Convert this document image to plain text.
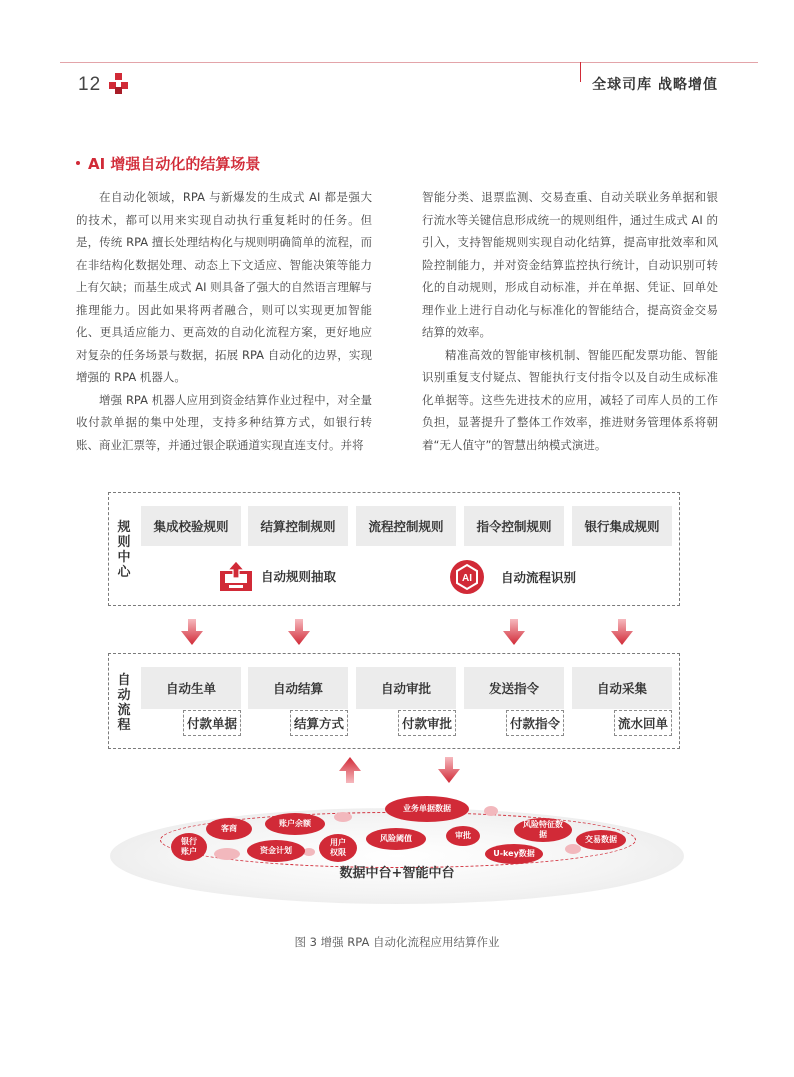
12	全球司库 战略增值
AI 增强自动化的结算场景

在自动化领域，RPA 与新爆发的生成式 AI 都是强大的技术，都可以用来实现自动执行重复耗时的任务。但是，传统 RPA 擅长处理结构化与规则明确简单的流程，而在非结构化数据处理、动态上下文适应、智能决策等能力上有欠缺；而基生成式 AI 则具备了强大的自然语言理解与推理能力。因此如果将两者融合，则可以实现更加智能化、更具适应能力、更高效的自动化流程方案，更好地应对复杂的任务场景与数据，拓展 RPA 自动化的边界，实现增强的 RPA 机器人。

增强 RPA 机器人应用到资金结算作业过程中，对全量收付款单据的集中处理，支持多种结算方式，如银行转账、商业汇票等，并通过银企联通道实现直连支付。并将

智能分类、退票监测、交易查重、自动关联业务单据和银行流水等关键信息形成统一的规则组件，通过生成式 AI 的引入，支持智能规则实现自动化结算，提高审批效率和风险控制能力，并对资金结算监控执行统计，自动识别可转化的自动规则，形成自动标准，并在单据、凭证、回单处理作业上进行自动化与标准化的智能结合，提高资金交易结算的效率。

精准高效的智能审核机制、智能匹配发票功能、智能识别重复支付疑点、智能执行支付指令以及自动生成标准化单据等。这些先进技术的应用，减轻了司库人员的工作负担，显著提升了整体工作效率，推进财务管理体系将朝着“无人值守”的智慧出纳模式演进。

规则中心
集成校验规则	结算控制规则	流程控制规则	指令控制规则	银行集成规则
自动规则抽取	AI 自动流程识别
自动流程
自动生单	自动结算	自动审批	发送指令	自动采集
付款单据	结算方式	付款审批	付款指令	流水回单
银行账户
客商
资金计划
账户余额
用户权限
风险阈值
业务单据数据
审批
风险特征数据
U-key数据
交易数据
数据中台+智能中台
图 3 增强 RPA 自动化流程应用结算作业
